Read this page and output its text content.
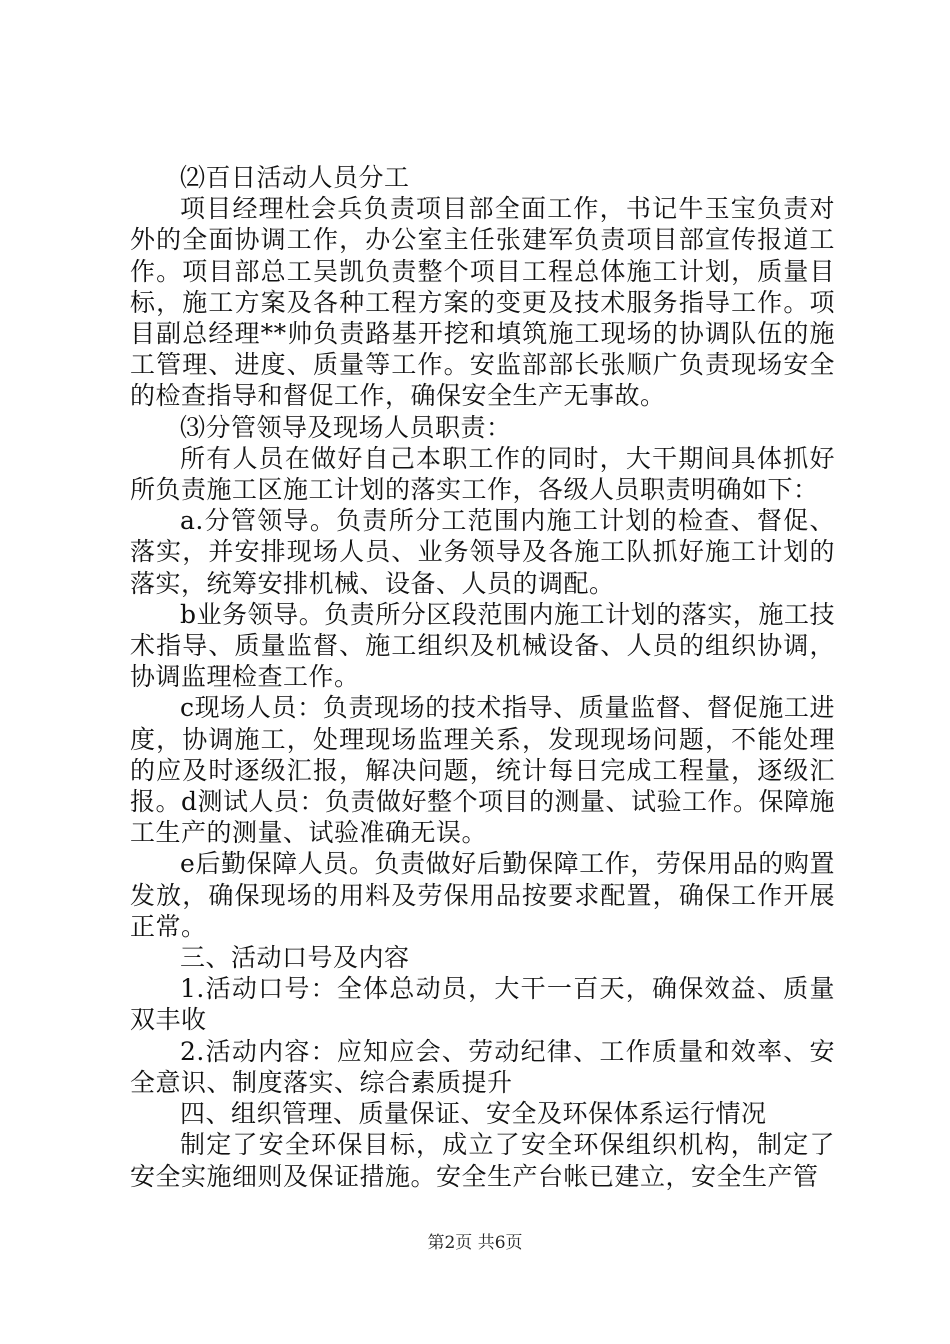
⑵百日活动人员分工

项目经理杜会兵负责项目部全面工作，书记牛玉宝负责对外的全面协调工作，办公室主任张建军负责项目部宣传报道工作。项目部总工吴凯负责整个项目工程总体施工计划，质量目标，施工方案及各种工程方案的变更及技术服务指导工作。项目副总经理**帅负责路基开挖和填筑施工现场的协调队伍的施工管理、进度、质量等工作。安监部部长张顺广负责现场安全的检查指导和督促工作，确保安全生产无事故。

⑶分管领导及现场人员职责：

所有人员在做好自己本职工作的同时，大干期间具体抓好所负责施工区施工计划的落实工作，各级人员职责明确如下：

a.分管领导。负责所分工范围内施工计划的检查、督促、落实，并安排现场人员、业务领导及各施工队抓好施工计划的落实，统筹安排机械、设备、人员的调配。

b业务领导。负责所分区段范围内施工计划的落实，施工技术指导、质量监督、施工组织及机械设备、人员的组织协调，协调监理检查工作。

c现场人员：负责现场的技术指导、质量监督、督促施工进度，协调施工，处理现场监理关系，发现现场问题，不能处理的应及时逐级汇报，解决问题，统计每日完成工程量，逐级汇报。d测试人员：负责做好整个项目的测量、试验工作。保障施工生产的测量、试验准确无误。

e后勤保障人员。负责做好后勤保障工作，劳保用品的购置发放，确保现场的用料及劳保用品按要求配置，确保工作开展正常。

三、活动口号及内容

1.活动口号：全体总动员，大干一百天，确保效益、质量双丰收

2.活动内容：应知应会、劳动纪律、工作质量和效率、安全意识、制度落实、综合素质提升

四、组织管理、质量保证、安全及环保体系运行情况

制定了安全环保目标，成立了安全环保组织机构，制定了安全实施细则及保证措施。安全生产台帐已建立，安全生产管

第2页 共6页
